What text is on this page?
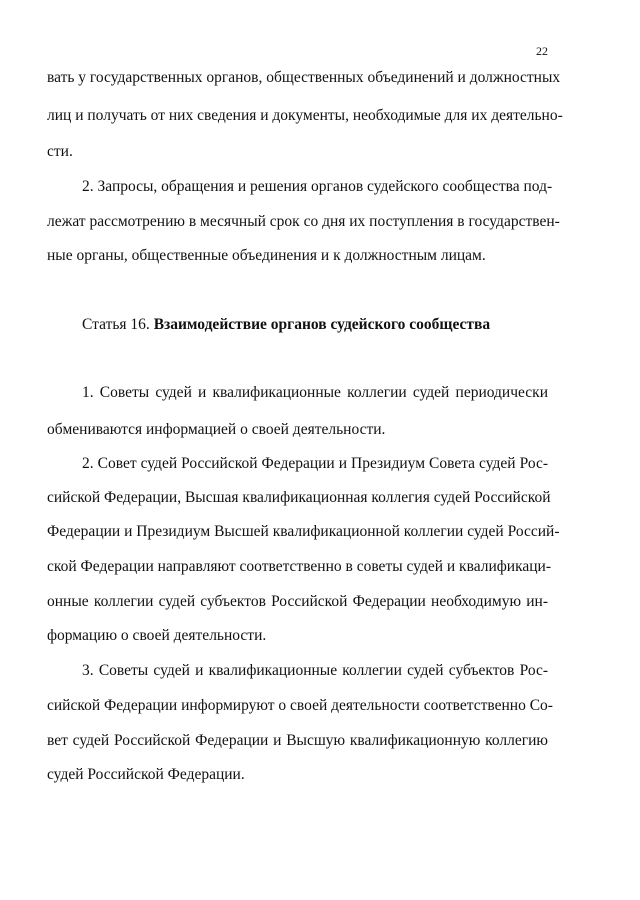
22
вать у государственных органов, общественных объединений и должностных
лиц и получать от них сведения и документы, необходимые для их деятельно-
сти.
2. Запросы, обращения и решения органов судейского сообщества под-
лежат рассмотрению в месячный срок со дня их поступления в государствен-
ные органы, общественные объединения и к должностным лицам.
Статья 16. Взаимодействие органов судейского сообщества
1. Советы судей и квалификационные коллегии судей периодически
обмениваются информацией о своей деятельности.
2. Совет судей Российской Федерации и Президиум Совета судей Рос-
сийской Федерации, Высшая квалификационная коллегия судей Российской
Федерации и Президиум Высшей квалификационной коллегии судей Россий-
ской Федерации направляют соответственно в советы судей и квалификаци-
онные коллегии судей субъектов Российской Федерации необходимую ин-
формацию о своей деятельности.
3. Советы судей и квалификационные коллегии судей субъектов Рос-
сийской Федерации информируют о своей деятельности соответственно Со-
вет судей Российской Федерации и Высшую квалификационную коллегию
судей Российской Федерации.
